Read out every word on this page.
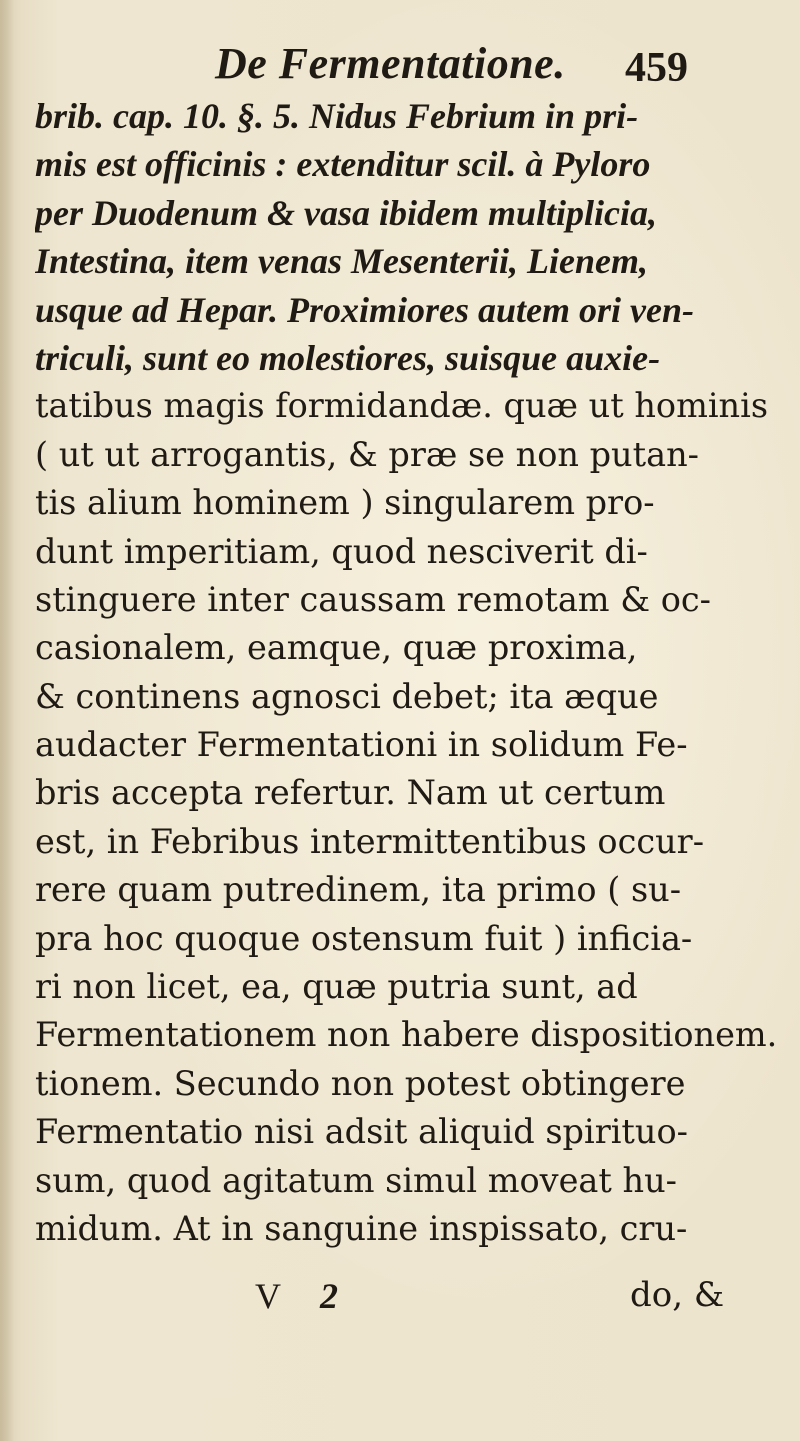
De Fermentatione. 459
brib. cap. 10. §. 5. Nidus Febrium in pri-
mis est officinis : extenditur scil. à Pyloro
per Duodenum & vasa ibidem multiplicia,
Intestina, item venas Mesenterii, Lienem,
usque ad Hepar. Proximiores autem ori ven-
triculi, sunt eo molestiores, suisque auxie-
tatibus magis formidandæ. quæ ut hominis
( ut ut arrogantis, & præ se non putan-
tis alium hominem ) singularem pro-
dunt imperitiam, quod nesciverit di-
stinguere inter caussam remotam & oc-
casionalem, eamque, quæ proxima,
& continens agnosci debet; ita æque
audacter Fermentationi in solidum Fe-
bris accepta refertur. Nam ut certum
est, in Febribus intermittentibus occur-
rere quam putredinem, ita primo ( su-
pra hoc quoque ostensum fuit ) inficia-
ri non licet, ea, quæ putria sunt, ad
Fermentationem non habere dispositionem.
tionem. Secundo non potest obtingere
Fermentatio nisi adsit aliquid spirituo-
sum, quod agitatum simul moveat hu-
midum. At in sanguine inspissato, cru-
V 2	do, &
